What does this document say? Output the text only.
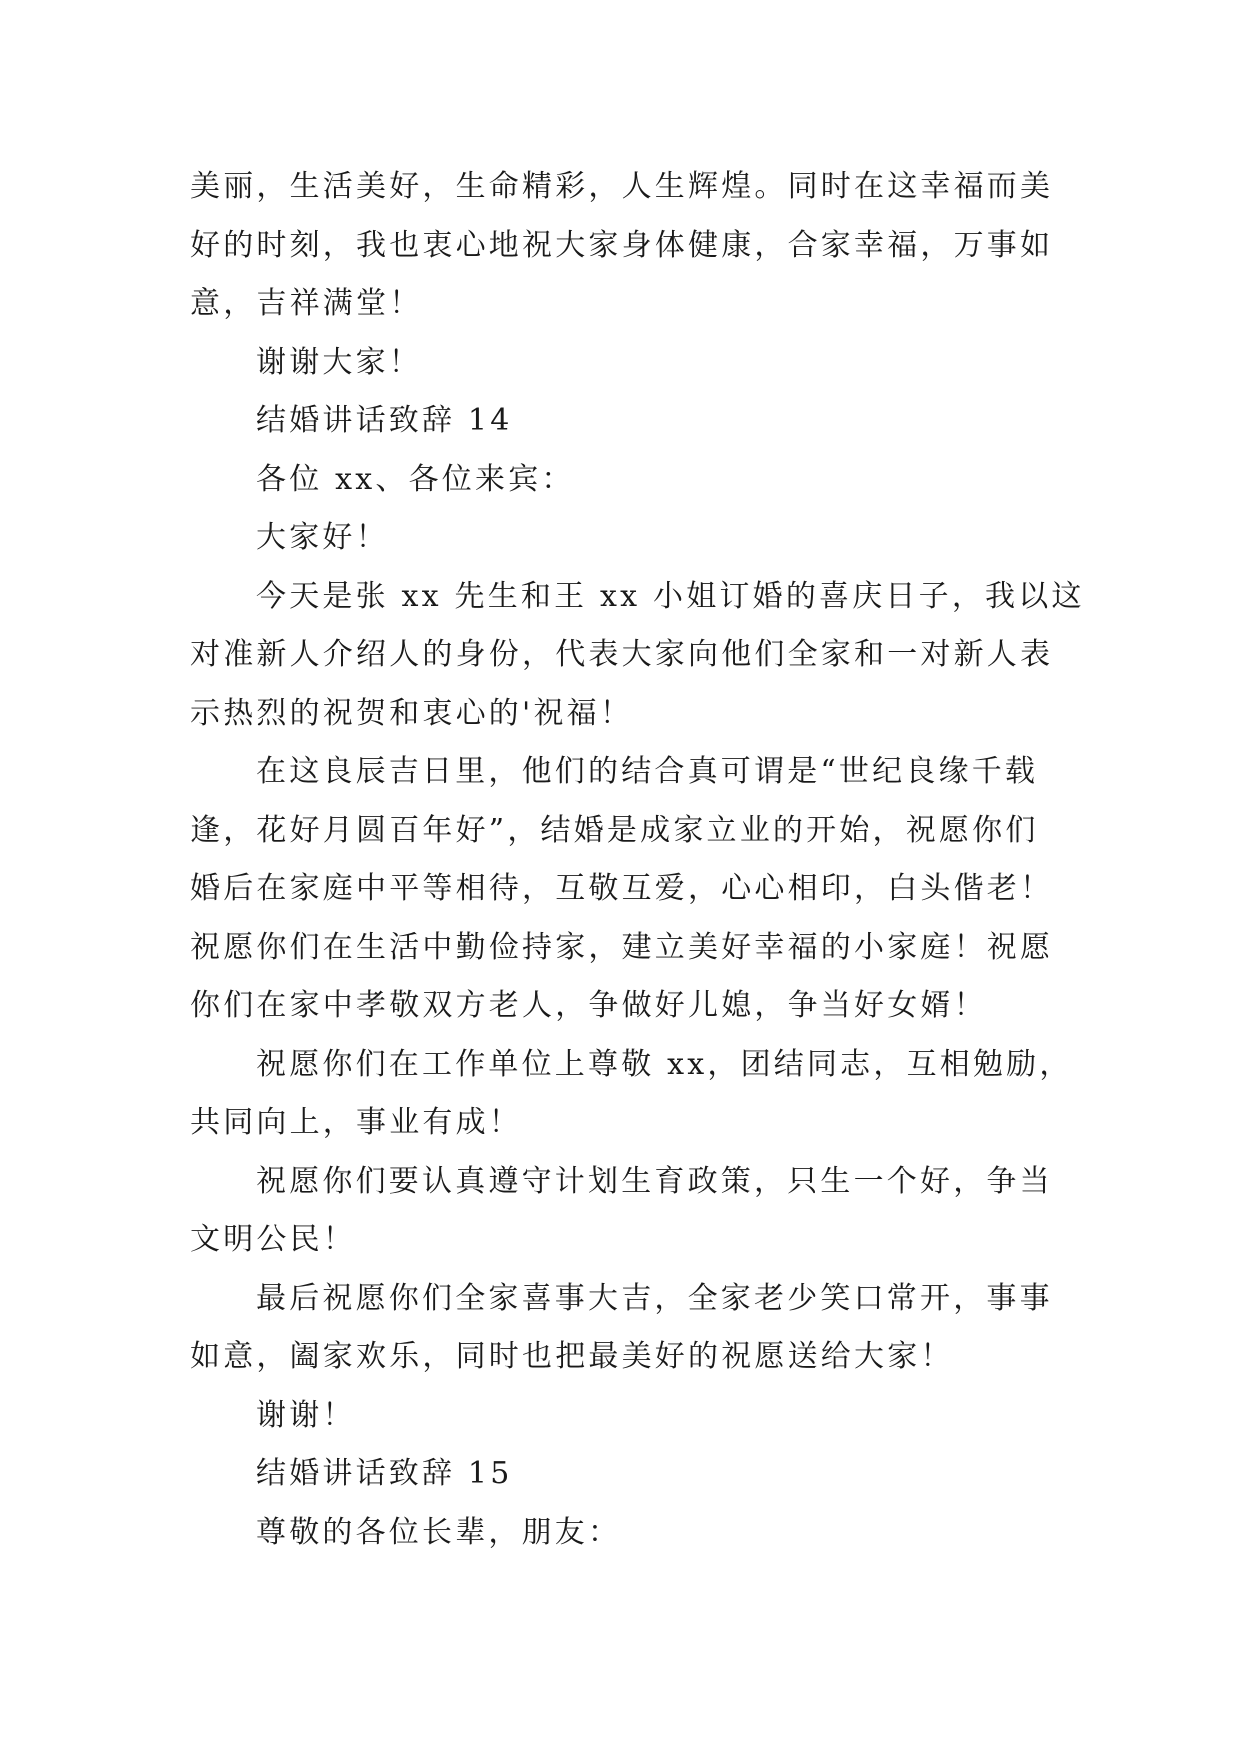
美丽，生活美好，生命精彩，人生辉煌。同时在这幸福而美
好的时刻，我也衷心地祝大家身体健康，合家幸福，万事如
意，吉祥满堂！
谢谢大家！
结婚讲话致辞 14
各位 xx、各位来宾：
大家好！
今天是张 xx 先生和王 xx 小姐订婚的喜庆日子，我以这
对准新人介绍人的身份，代表大家向他们全家和一对新人表
示热烈的祝贺和衷心的'祝福！
在这良辰吉日里，他们的结合真可谓是“世纪良缘千载
逢，花好月圆百年好”，结婚是成家立业的开始，祝愿你们
婚后在家庭中平等相待，互敬互爱，心心相印，白头偕老！
祝愿你们在生活中勤俭持家，建立美好幸福的小家庭！祝愿
你们在家中孝敬双方老人，争做好儿媳，争当好女婿！
祝愿你们在工作单位上尊敬 xx，团结同志，互相勉励，
共同向上，事业有成！
祝愿你们要认真遵守计划生育政策，只生一个好，争当
文明公民！
最后祝愿你们全家喜事大吉，全家老少笑口常开，事事
如意，阖家欢乐，同时也把最美好的祝愿送给大家！
谢谢！
结婚讲话致辞 15
尊敬的各位长辈，朋友：
